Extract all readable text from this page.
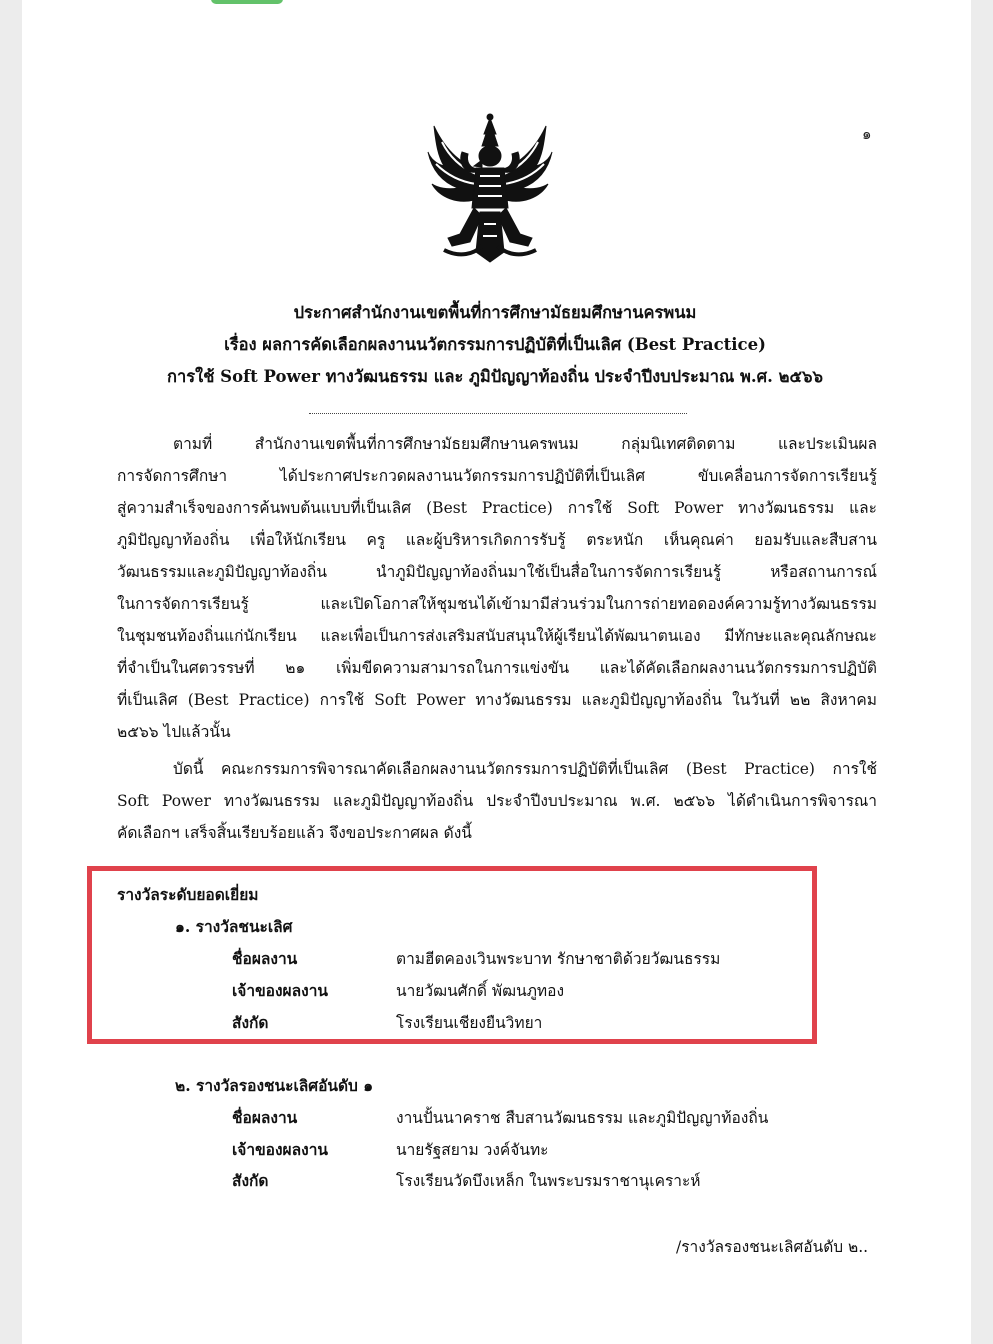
๑
ประกาศสำนักงานเขตพื้นที่การศึกษามัธยมศึกษานครพนม
เรื่อง ผลการคัดเลือกผลงานนวัตกรรมการปฏิบัติที่เป็นเลิศ (Best Practice)
การใช้ Soft Power ทางวัฒนธรรม และ ภูมิปัญญาท้องถิ่น ประจำปีงบประมาณ พ.ศ. ๒๕๖๖
ตามที่ สำนักงานเขตพื้นที่การศึกษามัธยมศึกษานครพนม กลุ่มนิเทศติดตาม และประเมินผล
การจัดการศึกษา ได้ประกาศประกวดผลงานนวัตกรรมการปฏิบัติที่เป็นเลิศ ขับเคลื่อนการจัดการเรียนรู้
สู่ความสำเร็จของการค้นพบต้นแบบที่เป็นเลิศ (Best Practice) การใช้ Soft Power ทางวัฒนธรรม และ
ภูมิปัญญาท้องถิ่น เพื่อให้นักเรียน ครู และผู้บริหารเกิดการรับรู้ ตระหนัก เห็นคุณค่า ยอมรับและสืบสาน
วัฒนธรรมและภูมิปัญญาท้องถิ่น นำภูมิปัญญาท้องถิ่นมาใช้เป็นสื่อในการจัดการเรียนรู้ หรือสถานการณ์
ในการจัดการเรียนรู้ และเปิดโอกาสให้ชุมชนได้เข้ามามีส่วนร่วมในการถ่ายทอดองค์ความรู้ทางวัฒนธรรม
ในชุมชนท้องถิ่นแก่นักเรียน และเพื่อเป็นการส่งเสริมสนับสนุนให้ผู้เรียนได้พัฒนาตนเอง มีทักษะและคุณลักษณะ
ที่จำเป็นในศตวรรษที่ ๒๑ เพิ่มขีดความสามารถในการแข่งขัน และได้คัดเลือกผลงานนวัตกรรมการปฏิบัติ
ที่เป็นเลิศ (Best Practice) การใช้ Soft Power ทางวัฒนธรรม และภูมิปัญญาท้องถิ่น ในวันที่ ๒๒ สิงหาคม
๒๕๖๖ ไปแล้วนั้น
บัดนี้ คณะกรรมการพิจารณาคัดเลือกผลงานนวัตกรรมการปฏิบัติที่เป็นเลิศ (Best Practice) การใช้
Soft Power ทางวัฒนธรรม และภูมิปัญญาท้องถิ่น ประจำปีงบประมาณ พ.ศ. ๒๕๖๖ ได้ดำเนินการพิจารณา
คัดเลือกฯ เสร็จสิ้นเรียบร้อยแล้ว จึงขอประกาศผล ดังนี้
รางวัลระดับยอดเยี่ยม
๑. รางวัลชนะเลิศ
ชื่อผลงาน	ตามฮีตคองเวินพระบาท รักษาชาติด้วยวัฒนธรรม
เจ้าของผลงาน	นายวัฒนศักดิ์ พัฒนภูทอง
สังกัด	โรงเรียนเชียงยืนวิทยา
๒. รางวัลรองชนะเลิศอันดับ ๑
ชื่อผลงาน	งานปั้นนาคราช สืบสานวัฒนธรรม และภูมิปัญญาท้องถิ่น
เจ้าของผลงาน	นายรัฐสยาม วงค์จันทะ
สังกัด	โรงเรียนวัดบึงเหล็ก ในพระบรมราชานุเคราะห์
/รางวัลรองชนะเลิศอันดับ ๒..
